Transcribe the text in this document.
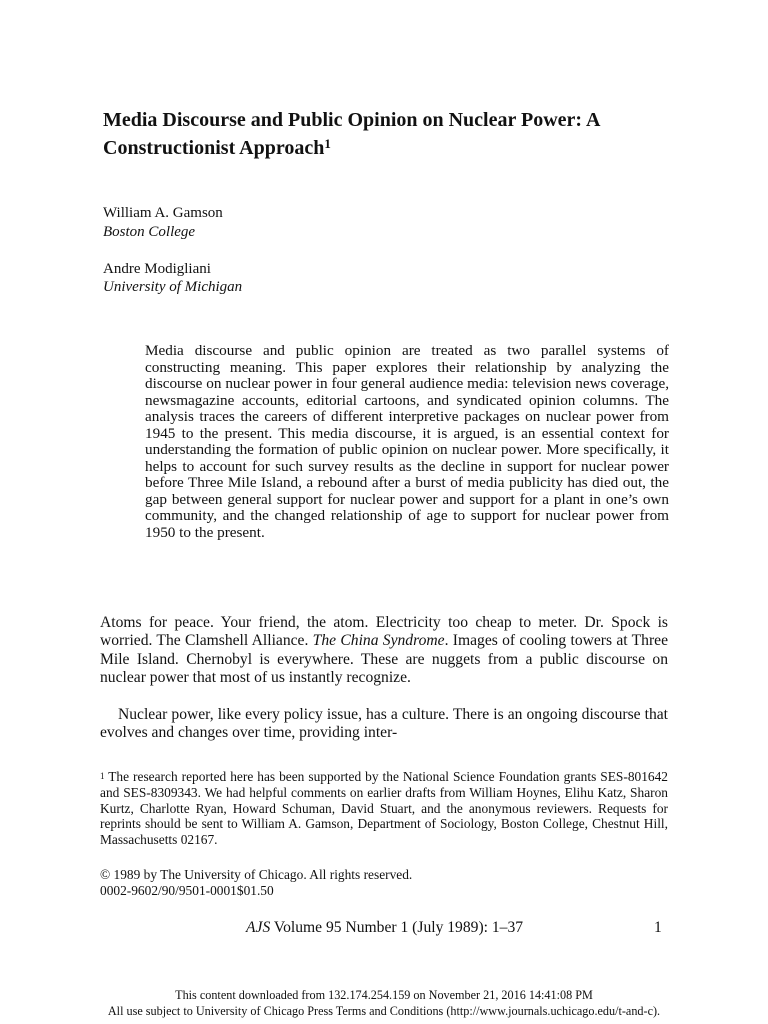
Media Discourse and Public Opinion on Nuclear Power: A Constructionist Approach$^1$
William A. Gamson
Boston College
Andre Modigliani
University of Michigan

Media discourse and public opinion are treated as two parallel systems of constructing meaning. This paper explores their relationship by analyzing the discourse on nuclear power in four general audience media: television news coverage, newsmagazine accounts, editorial cartoons, and syndicated opinion columns. The analysis traces the careers of different interpretive packages on nuclear power from 1945 to the present. This media discourse, it is argued, is an essential context for understanding the formation of public opinion on nuclear power. More specifically, it helps to account for such survey results as the decline in support for nuclear power before Three Mile Island, a rebound after a burst of media publicity has died out, the gap between general support for nuclear power and support for a plant in one’s own community, and the changed relationship of age to support for nuclear power from 1950 to the present.

Atoms for peace. Your friend, the atom. Electricity too cheap to meter. Dr. Spock is worried. The Clamshell Alliance. The China Syndrome. Images of cooling towers at Three Mile Island. Chernobyl is everywhere. These are nuggets from a public discourse on nuclear power that most of us instantly recognize.

Nuclear power, like every policy issue, has a culture. There is an ongoing discourse that evolves and changes over time, providing inter-

$^1$ The research reported here has been supported by the National Science Foundation grants SES-801642 and SES-8309343. We had helpful comments on earlier drafts from William Hoynes, Elihu Katz, Sharon Kurtz, Charlotte Ryan, Howard Schuman, David Stuart, and the anonymous reviewers. Requests for reprints should be sent to William A. Gamson, Department of Sociology, Boston College, Chestnut Hill, Massachusetts 02167.

© 1989 by The University of Chicago. All rights reserved.

0002-9602/90/9501-0001$01.50

AJS Volume 95 Number 1 (July 1989): 1–37	1

This content downloaded from 132.174.254.159 on November 21, 2016 14:41:08 PM

All use subject to University of Chicago Press Terms and Conditions (http://www.journals.uchicago.edu/t-and-c).
